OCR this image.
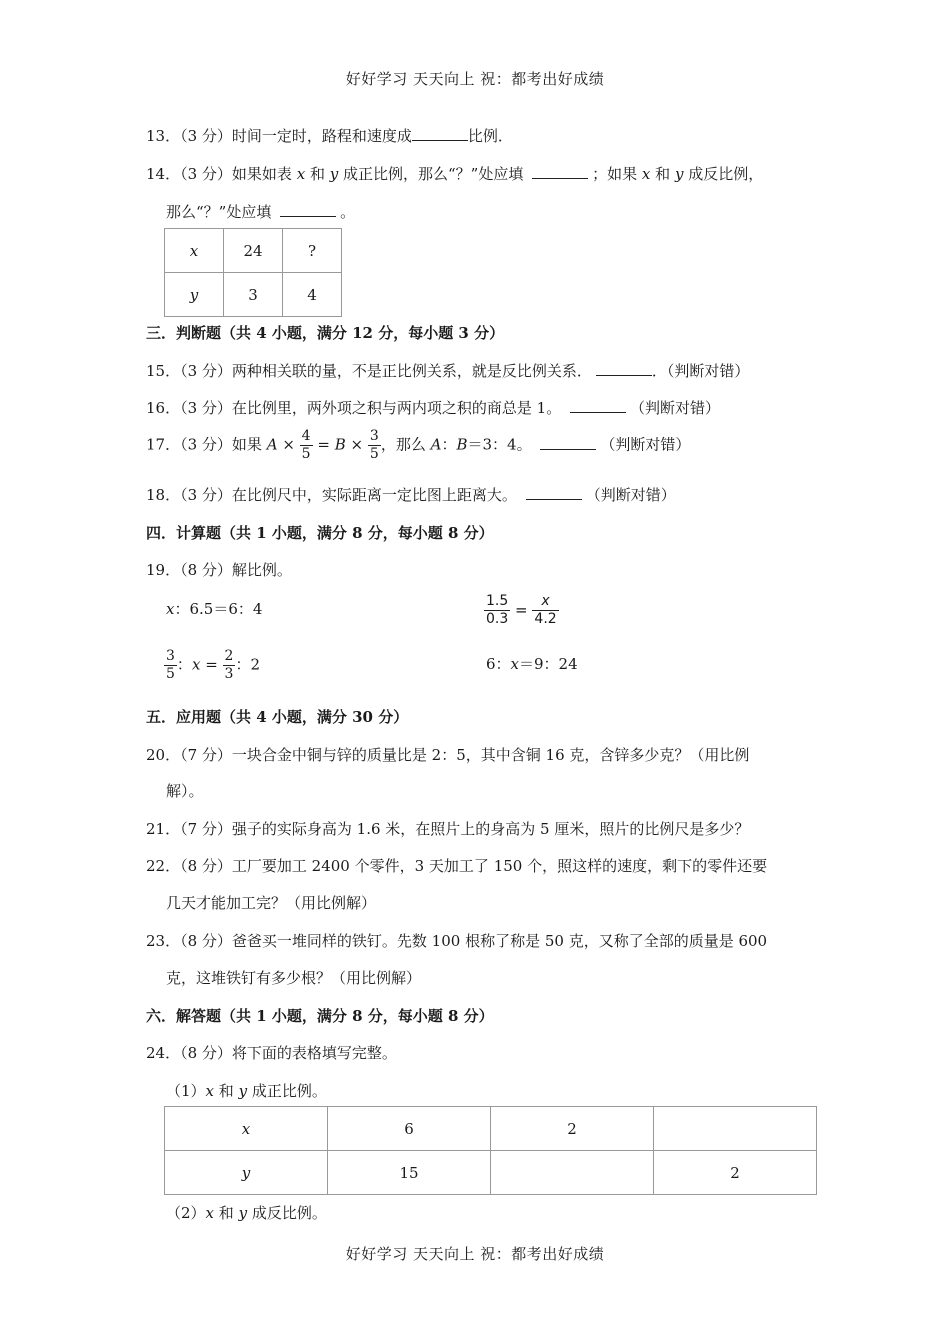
好好学习 天天向上 祝：都考出好成绩
13．（3 分）时间一定时，路程和速度成	比例．
14．（3 分）如果如表 x 和 y 成正比例，那么“？”处应填	；如果 x 和 y 成反比例，
那么“？”处应填	。
x	24	?
y	3	4
三．判断题（共 4 小题，满分 12 分，每小题 3 分）
15．（3 分）两种相关联的量，不是正比例关系，就是反比例关系．	．（判断对错）
16．（3 分）在比例里，两外项之积与两内项之积的商总是 1。	（判断对错）
17．（3 分）如果 $A \times \frac{4}{5} = B \times \frac{3}{5}$ ，那么 A：B＝3：4。	（判断对错）
18．（3 分）在比例尺中，实际距离一定比图上距离大。	（判断对错）
四．计算题（共 1 小题，满分 8 分，每小题 8 分）
19．（8 分）解比例。
x：6.5＝6：4	$\frac{1.5}{0.3} = \frac{x}{4.2}$
$\frac{3}{5}$ ：$x = \frac{2}{3}$ ：2	6：x＝9：24
五．应用题（共 4 小题，满分 30 分）
20．（7 分）一块合金中铜与锌的质量比是 2：5，其中含铜 16 克，含锌多少克？（用比例
解）。
21．（7 分）强子的实际身高为 1.6 米，在照片上的身高为 5 厘米，照片的比例尺是多少？
22．（8 分）工厂要加工 2400 个零件，3 天加工了 150 个，照这样的速度，剩下的零件还要
几天才能加工完？（用比例解）
23．（8 分）爸爸买一堆同样的铁钉。先数 100 根称了称是 50 克，又称了全部的质量是 600
克，这堆铁钉有多少根？（用比例解）
六．解答题（共 1 小题，满分 8 分，每小题 8 分）
24．（8 分）将下面的表格填写完整。
（1）x 和 y 成正比例。
x	6	2	
y	15		2
（2）x 和 y 成反比例。
好好学习 天天向上 祝：都考出好成绩
